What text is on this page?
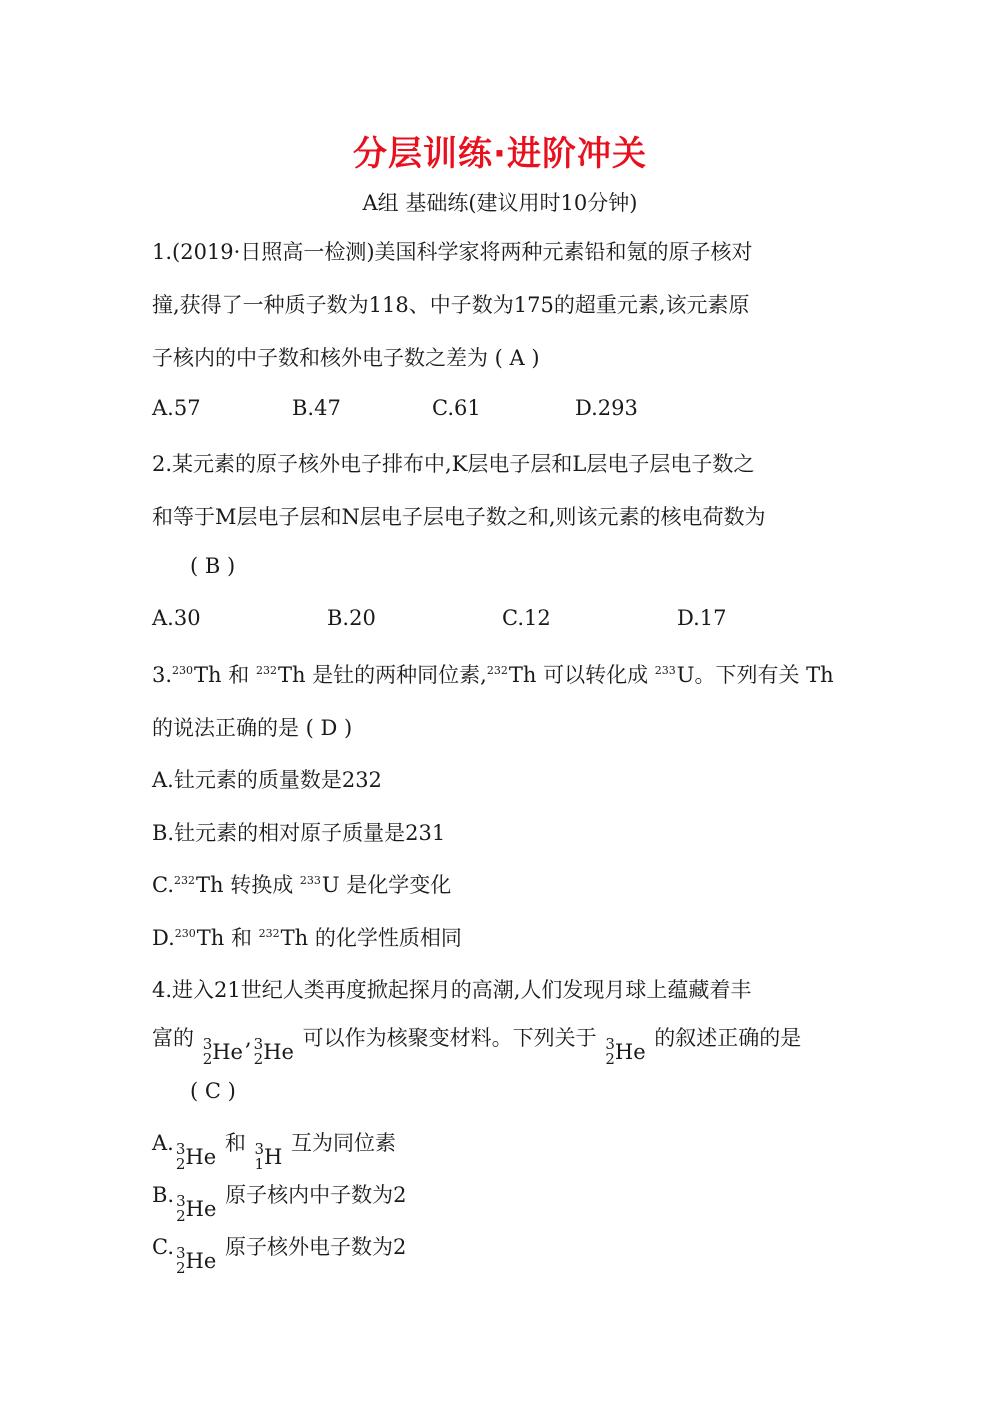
分层训练·进阶冲关
A组 基础练(建议用时10分钟)
1.(2019·日照高一检测)美国科学家将两种元素铅和氪的原子核对
撞,获得了一种质子数为118、中子数为175的超重元素,该元素原
子核内的中子数和核外电子数之差为 ( A )
A.57	B.47	C.61	D.293
2.某元素的原子核外电子排布中,K层电子层和L层电子层电子数之
和等于M层电子层和N层电子层电子数之和,则该元素的核电荷数为
( B )
A.30	B.20	C.12	D.17
3.$^{230}$Th 和 $^{232}$Th 是钍的两种同位素,$^{232}$Th 可以转化成 $^{233}$U。下列有关 Th
的说法正确的是 ( D )
A.钍元素的质量数是232
B.钍元素的相对原子质量是231
C.$^{232}$Th 转换成 $^{233}$U 是化学变化
D.$^{230}$Th 和 $^{232}$Th 的化学性质相同
4.进入21世纪人类再度掀起探月的高潮,人们发现月球上蕴藏着丰
富的 3
2 He, 3
2 He 可以作为核聚变材料。下列关于 3
2 He 的叙述正确的是
( C )
A. 3
2 He 和 3
1 H 互为同位素
B. 3
2 He 原子核内中子数为2
C. 3
2 He 原子核外电子数为2
